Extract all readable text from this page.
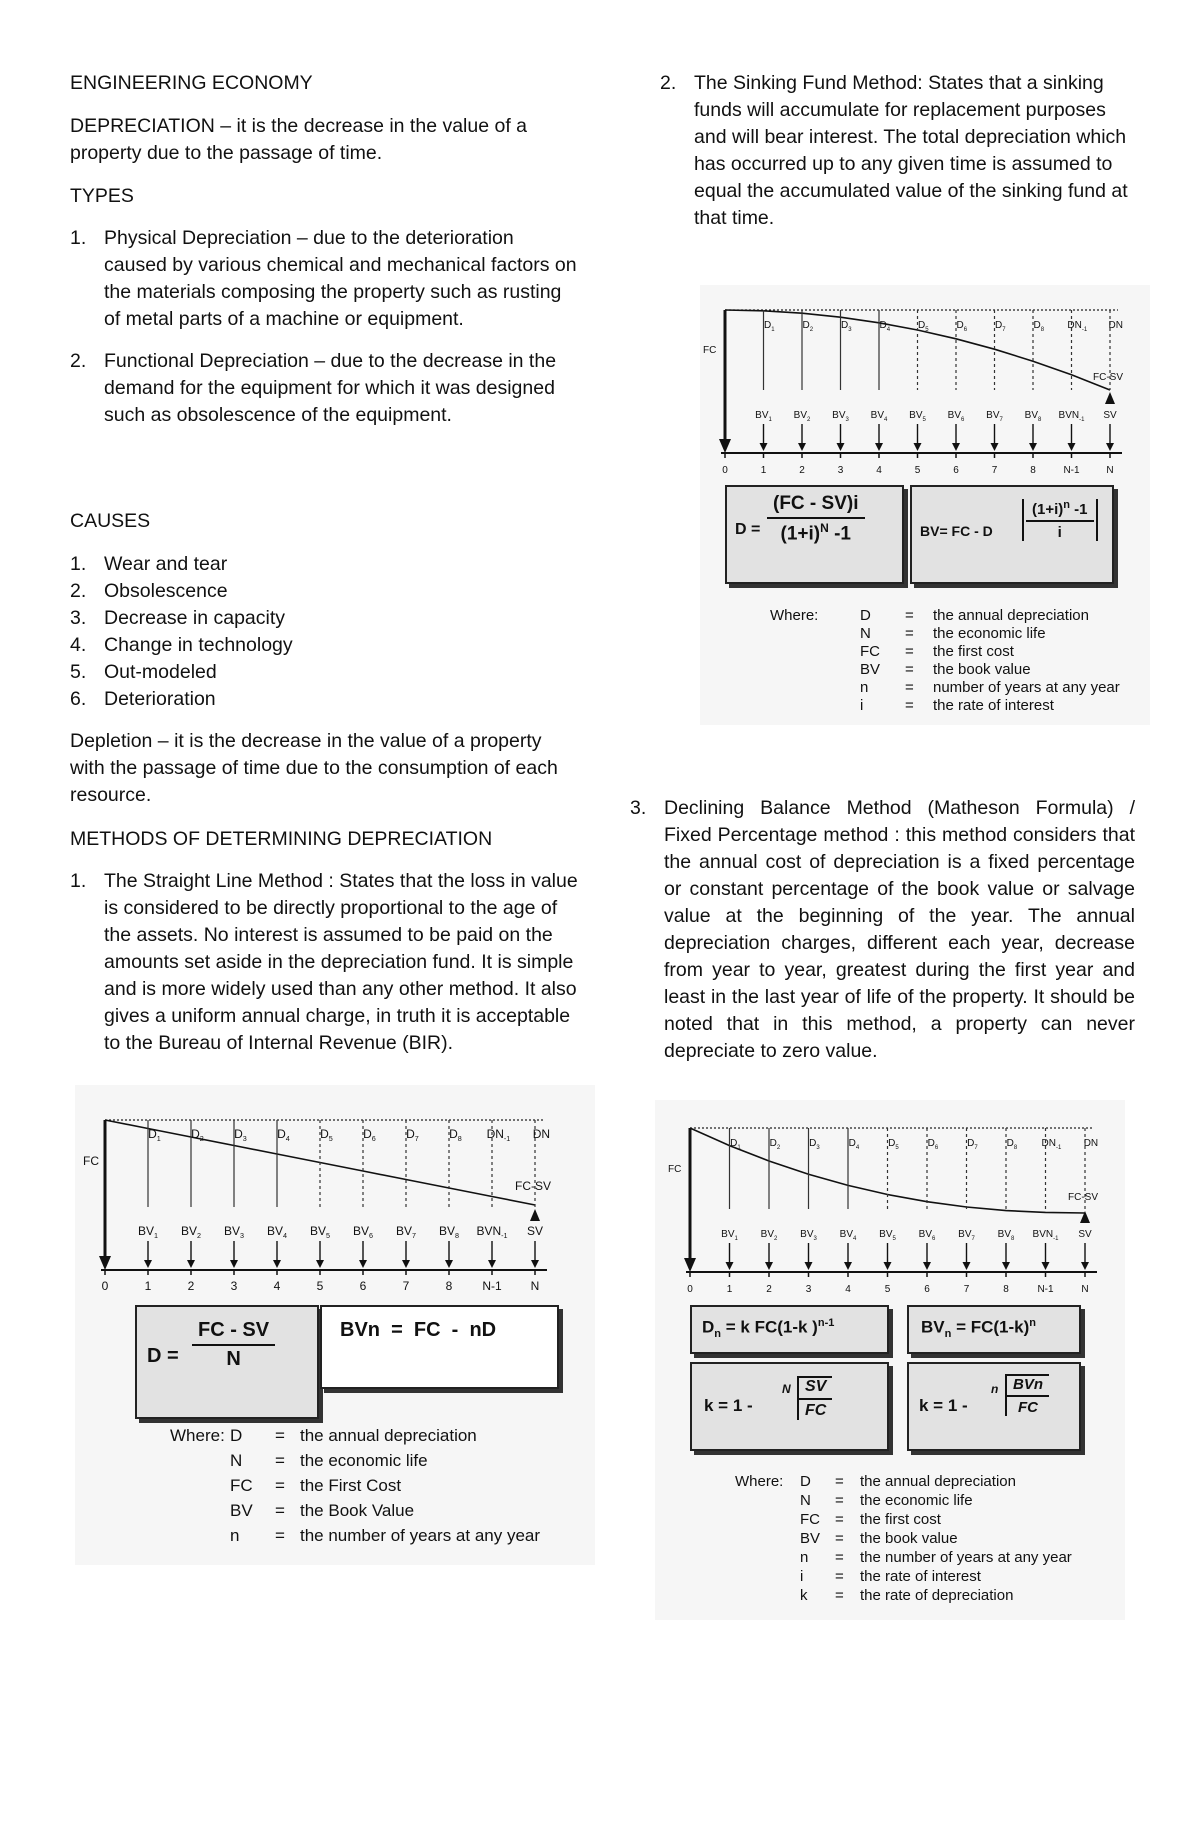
ENGINEERING ECONOMY

DEPRECIATION – it is the decrease in the value of a property due to the passage of time.

TYPES

1. Physical Depreciation – due to the deterioration caused by various chemical and mechanical factors on the materials composing the property such as rusting of metal parts of a machine or equipment.
2. Functional Depreciation – due to the decrease in the demand for the equipment for which it was designed such as obsolescence of the equipment.

CAUSES

1. Wear and tear
2. Obsolescence
3. Decrease in capacity
4. Change in technology
5. Out-modeled
6. Deterioration

Depletion – it is the decrease in the value of a property with the passage of time due to the consumption of each resource.

METHODS OF DETERMINING DEPRECIATION

1. The Straight Line Method : States that the loss in value is considered to be directly proportional to the age of the assets. No interest is assumed to be paid on the amounts set aside in the depreciation fund. It is simple and is more widely used than any other method. It also gives a uniform annual charge, in truth it is acceptable to the Bureau of Internal Revenue (BIR).
2. The Sinking Fund Method: States that a sinking funds will accumulate for replacement purposes and will bear interest. The total depreciation which has occurred up to any given time is assumed to equal the accumulated value of the sinking fund at that time.
3. Declining Balance Method (Matheson Formula) / Fixed Percentage method : this method considers that the annual cost of depreciation is a fixed percentage or constant percentage of the book value or salvage value at the beginning of the year. The annual depreciation charges, different each year, decrease from year to year, greatest during the first year and least in the last year of life of the property. It should be noted that in this method, a property can never depreciate to zero value.
FC
$D_1$
$BV_1$
$D_2$
$BV_2$
$D_3$
$BV_3$
$D_4$
$BV_4$
$D_5$
$BV_5$
$D_6$
$BV_6$
$D_7$
$BV_7$
$D_8$
$BV_8$
$DN_{-1}$
$BVN_{-1}$
DN
SV
FC-SV
0	1	2	3	4	5	6	7	8 N-1 N
$D = \frac{FC - SV}{N}$	BVn  =  FC  -  nD
Where: D = the annual depreciation
N = the economic life
FC = the First Cost
BV = the Book Value
n = the number of years at any year
FC
$D_1$
$BV_1$
$D_2$
$BV_2$
$D_3$
$BV_3$
$D_4$
$BV_4$
$D_5$
$BV_5$
$D_6$
$BV_6$
$D_7$
$BV_7$
$D_8$
$BV_8$
$DN_{-1}$
$BVN_{-1}$
DN
SV
FC-SV
0	1	2	3	4	5	6	7	8	N-1	N
$D = \frac{(FC - SV)i}{(1+i)^N -1}$	BV= FC - D $\frac{(1+i)^n -1}{i}$
Where:	D = the annual depreciation
N = the economic life
FC = the first cost
BV = the book value
n = number of years at any year
i	= the rate of interest
FC
$D_1$
$BV_1$
$D_2$
$BV_2$
$D_3$
$BV_3$
$D_4$
$BV_4$
$D_5$
$BV_5$
$D_6$
$BV_6$
$D_7$
$BV_7$
$D_8$
$BV_8$
$DN_{-1}$
$BVN_{-1}$
DN
SV
FC-SV
0	1	2	3	4	5	6	7	8	N-1	N
$D_n = k$ FC(1-k )$^{n-1}$	$BV_n = FC(1-k)^n$
k = 1 -
N $\frac{SV}{FC}$	k = 1 -
n BVn
FC
Where: D = the annual depreciation
N = the economic life
FC = the first cost
BV = the book value
n = the number of years at any year
i = the rate of interest
k = the rate of depreciation
